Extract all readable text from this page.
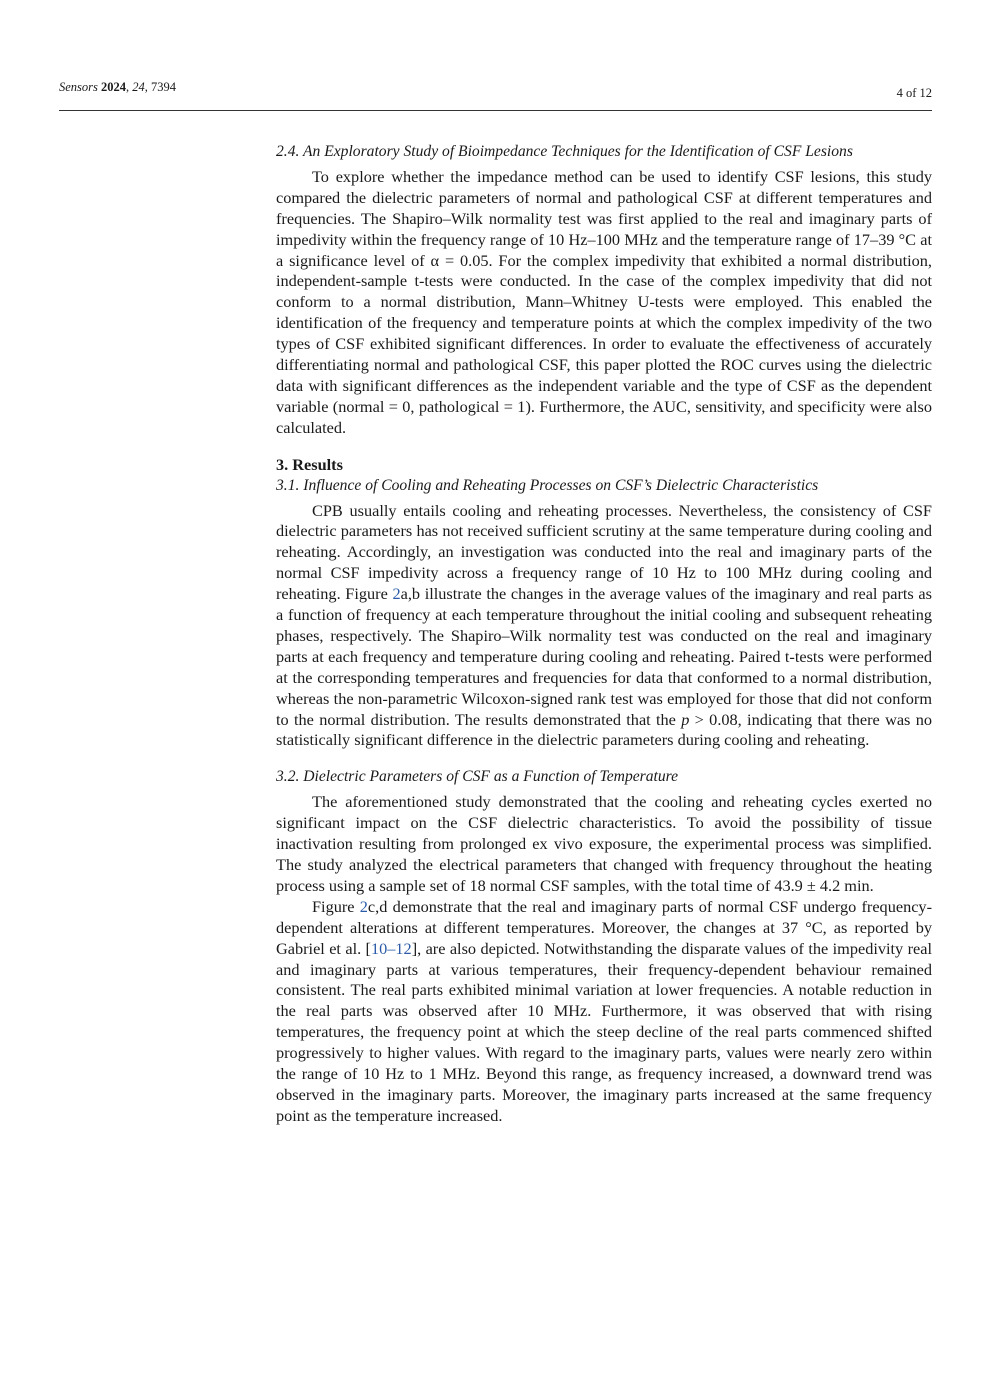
Sensors 2024, 24, 7394	4 of 12
2.4. An Exploratory Study of Bioimpedance Techniques for the Identification of CSF Lesions

To explore whether the impedance method can be used to identify CSF lesions, this study compared the dielectric parameters of normal and pathological CSF at different temperatures and frequencies. The Shapiro–Wilk normality test was first applied to the real and imaginary parts of impedivity within the frequency range of 10 Hz–100 MHz and the temperature range of 17–39 °C at a significance level of α = 0.05. For the complex impedivity that exhibited a normal distribution, independent-sample t-tests were conducted. In the case of the complex impedivity that did not conform to a normal distribution, Mann–Whitney U-tests were employed. This enabled the identification of the frequency and temperature points at which the complex impedivity of the two types of CSF exhibited significant differences. In order to evaluate the effectiveness of accurately differentiating normal and pathological CSF, this paper plotted the ROC curves using the dielectric data with significant differences as the independent variable and the type of CSF as the dependent variable (normal = 0, pathological = 1). Furthermore, the AUC, sensitivity, and specificity were also calculated.

3. Results
3.1. Influence of Cooling and Reheating Processes on CSF’s Dielectric Characteristics

CPB usually entails cooling and reheating processes. Nevertheless, the consistency of CSF dielectric parameters has not received sufficient scrutiny at the same temperature during cooling and reheating. Accordingly, an investigation was conducted into the real and imaginary parts of the normal CSF impedivity across a frequency range of 10 Hz to 100 MHz during cooling and reheating. Figure 2a,b illustrate the changes in the average values of the imaginary and real parts as a function of frequency at each temperature throughout the initial cooling and subsequent reheating phases, respectively. The Shapiro–Wilk normality test was conducted on the real and imaginary parts at each frequency and temperature during cooling and reheating. Paired t-tests were performed at the corresponding temperatures and frequencies for data that conformed to a normal distribution, whereas the non-parametric Wilcoxon-signed rank test was employed for those that did not conform to the normal distribution. The results demonstrated that the p > 0.08, indicating that there was no statistically significant difference in the dielectric parameters during cooling and reheating.

3.2. Dielectric Parameters of CSF as a Function of Temperature

The aforementioned study demonstrated that the cooling and reheating cycles exerted no significant impact on the CSF dielectric characteristics. To avoid the possibility of tissue inactivation resulting from prolonged ex vivo exposure, the experimental process was simplified. The study analyzed the electrical parameters that changed with frequency throughout the heating process using a sample set of 18 normal CSF samples, with the total time of 43.9 ± 4.2 min.

Figure 2c,d demonstrate that the real and imaginary parts of normal CSF undergo frequency-dependent alterations at different temperatures. Moreover, the changes at 37 °C, as reported by Gabriel et al. [10–12], are also depicted. Notwithstanding the disparate values of the impedivity real and imaginary parts at various temperatures, their frequency-dependent behaviour remained consistent. The real parts exhibited minimal variation at lower frequencies. A notable reduction in the real parts was observed after 10 MHz. Furthermore, it was observed that with rising temperatures, the frequency point at which the steep decline of the real parts commenced shifted progressively to higher values. With regard to the imaginary parts, values were nearly zero within the range of 10 Hz to 1 MHz. Beyond this range, as frequency increased, a downward trend was observed in the imaginary parts. Moreover, the imaginary parts increased at the same frequency point as the temperature increased.
